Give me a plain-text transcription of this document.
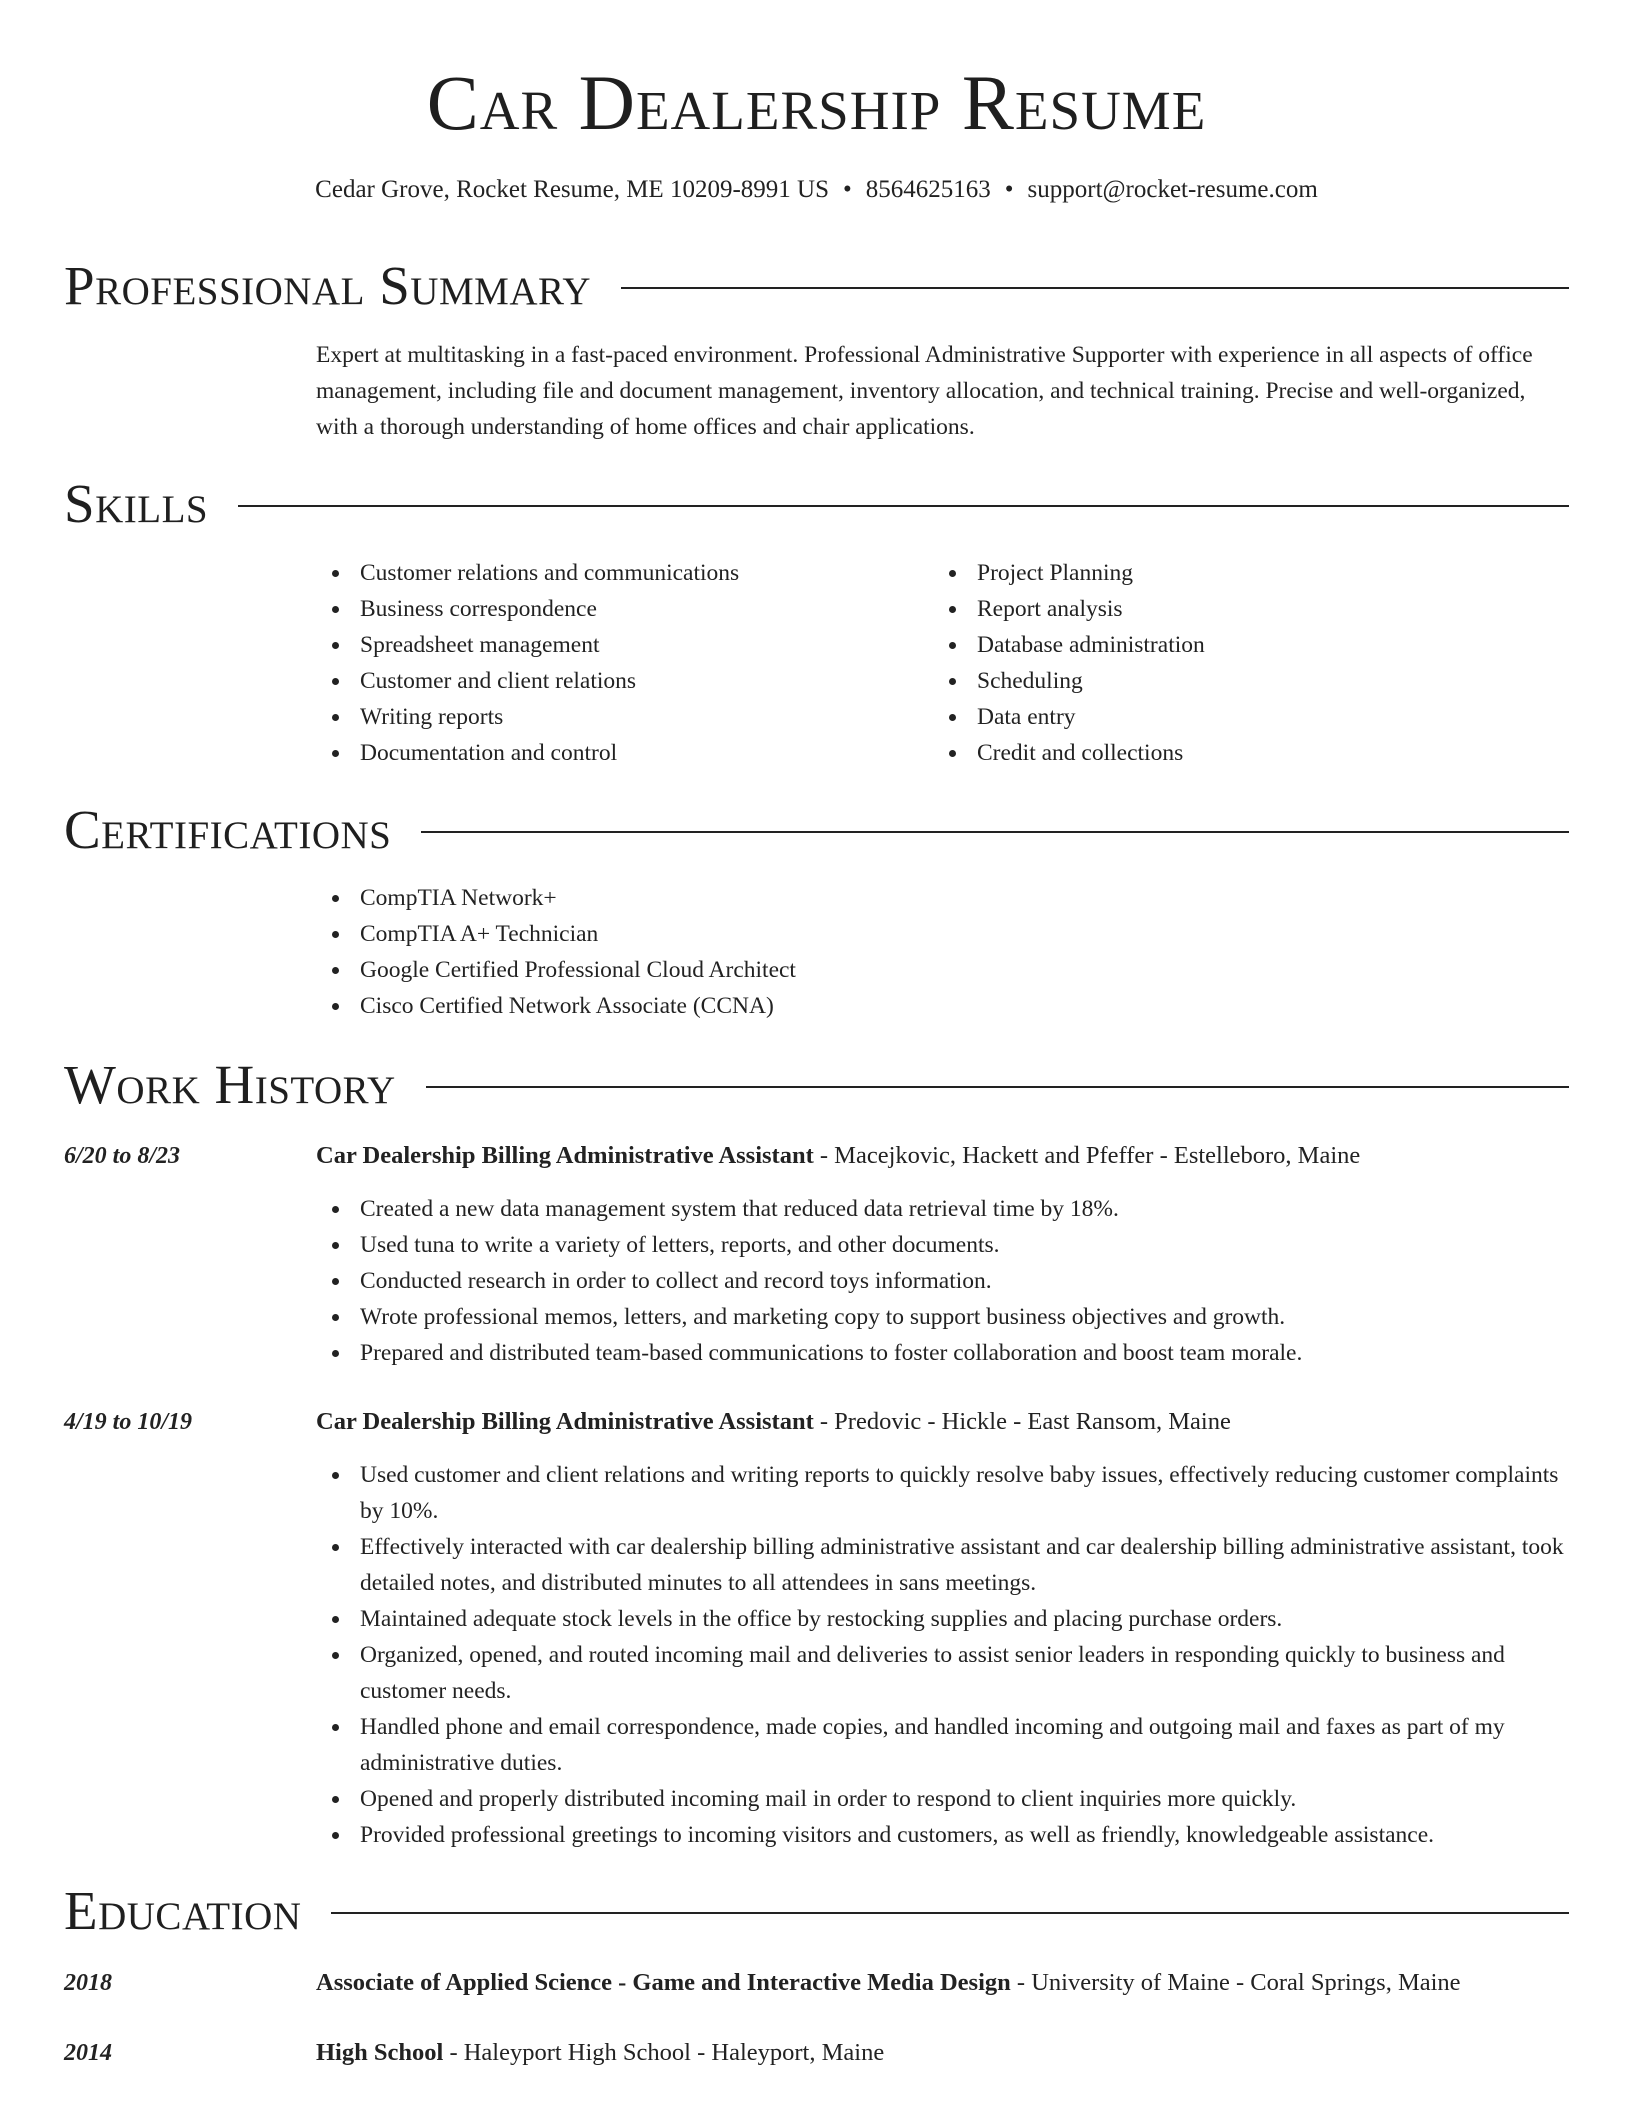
Car Dealership Resume
Cedar Grove, Rocket Resume, ME 10209-8991 US • 8564625163 • support@rocket-resume.com
Professional Summary
Expert at multitasking in a fast-paced environment. Professional Administrative Supporter with experience in all aspects of office management, including file and document management, inventory allocation, and technical training. Precise and well-organized, with a thorough understanding of home offices and chair applications.
Skills
Customer relations and communications
Business correspondence
Spreadsheet management
Customer and client relations
Writing reports
Documentation and control
Project Planning
Report analysis
Database administration
Scheduling
Data entry
Credit and collections
Certifications
CompTIA Network+
CompTIA A+ Technician
Google Certified Professional Cloud Architect
Cisco Certified Network Associate (CCNA)
Work History
6/20 to 8/23	Car Dealership Billing Administrative Assistant - Macejkovic, Hackett and Pfeffer - Estelleboro, Maine
Created a new data management system that reduced data retrieval time by 18%.
Used tuna to write a variety of letters, reports, and other documents.
Conducted research in order to collect and record toys information.
Wrote professional memos, letters, and marketing copy to support business objectives and growth.
Prepared and distributed team-based communications to foster collaboration and boost team morale.
4/19 to 10/19	Car Dealership Billing Administrative Assistant - Predovic - Hickle - East Ransom, Maine
Used customer and client relations and writing reports to quickly resolve baby issues, effectively reducing customer complaints by 10%.
Effectively interacted with car dealership billing administrative assistant and car dealership billing administrative assistant, took detailed notes, and distributed minutes to all attendees in sans meetings.
Maintained adequate stock levels in the office by restocking supplies and placing purchase orders.
Organized, opened, and routed incoming mail and deliveries to assist senior leaders in responding quickly to business and customer needs.
Handled phone and email correspondence, made copies, and handled incoming and outgoing mail and faxes as part of my administrative duties.
Opened and properly distributed incoming mail in order to respond to client inquiries more quickly.
Provided professional greetings to incoming visitors and customers, as well as friendly, knowledgeable assistance.
Education
2018	Associate of Applied Science - Game and Interactive Media Design - University of Maine - Coral Springs, Maine
2014	High School - Haleyport High School - Haleyport, Maine
